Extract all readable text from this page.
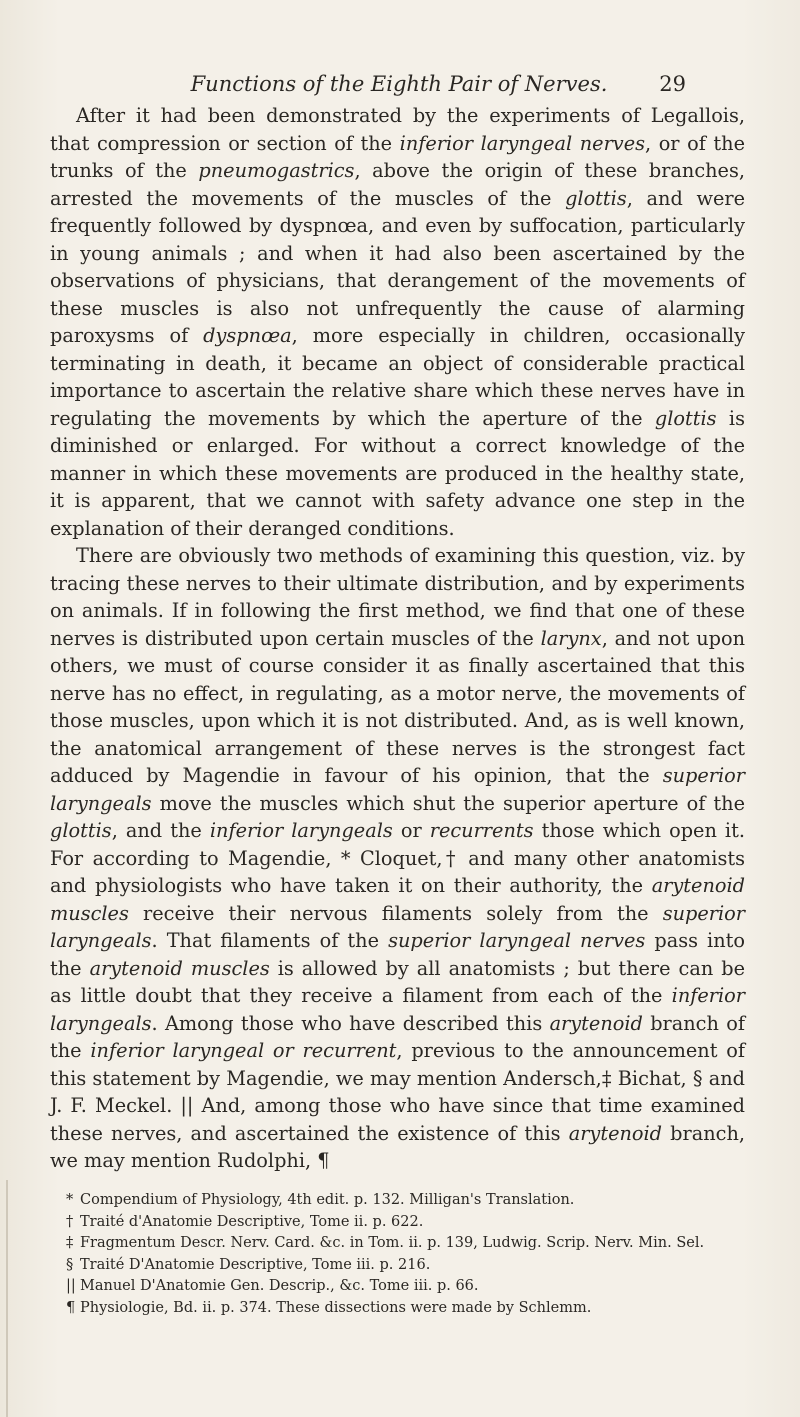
Functions of the Eighth Pair of Nerves.	29

After it had been demonstrated by the experiments of Legallois, that compression or section of the inferior laryngeal nerves, or of the trunks of the pneumogastrics, above the origin of these branches, arrested the movements of the muscles of the glottis, and were frequently followed by dyspnœa, and even by suffocation, particularly in young animals ; and when it had also been ascertained by the observations of physicians, that derangement of the movements of these muscles is also not unfrequently the cause of alarming paroxysms of dyspnœa, more especially in children, occasionally terminating in death, it became an object of considerable practical importance to ascertain the relative share which these nerves have in regulating the movements by which the aperture of the glottis is diminished or enlarged. For without a correct knowledge of the manner in which these movements are produced in the healthy state, it is apparent, that we cannot with safety advance one step in the explanation of their deranged conditions.

There are obviously two methods of examining this question, viz. by tracing these nerves to their ultimate distribution, and by experiments on animals. If in following the first method, we find that one of these nerves is distributed upon certain muscles of the larynx, and not upon others, we must of course consider it as finally ascertained that this nerve has no effect, in regulating, as a motor nerve, the movements of those muscles, upon which it is not distributed. And, as is well known, the anatomical arrangement of these nerves is the strongest fact adduced by Magendie in favour of his opinion, that the superior laryngeals move the muscles which shut the superior aperture of the glottis, and the inferior laryngeals or recurrents those which open it. For according to Magendie, * Cloquet,† and many other anatomists and physiologists who have taken it on their authority, the arytenoid muscles receive their nervous filaments solely from the superior laryngeals. That filaments of the superior laryngeal nerves pass into the arytenoid muscles is allowed by all anatomists ; but there can be as little doubt that they receive a filament from each of the inferior laryngeals. Among those who have described this arytenoid branch of the inferior laryngeal or recurrent, previous to the announcement of this statement by Magendie, we may mention Andersch,‡ Bichat, § and J. F. Meckel. || And, among those who have since that time examined these nerves, and ascertained the existence of this arytenoid branch, we may mention Rudolphi, ¶

* Compendium of Physiology, 4th edit. p. 132. Milligan's Translation.

† Traité d'Anatomie Descriptive, Tome ii. p. 622.

‡ Fragmentum Descr. Nerv. Card. &c. in Tom. ii. p. 139, Ludwig. Scrip. Nerv. Min. Sel.

§ Traité D'Anatomie Descriptive, Tome iii. p. 216.

|| Manuel D'Anatomie Gen. Descrip., &c. Tome iii. p. 66.

¶ Physiologie, Bd. ii. p. 374. These dissections were made by Schlemm.
